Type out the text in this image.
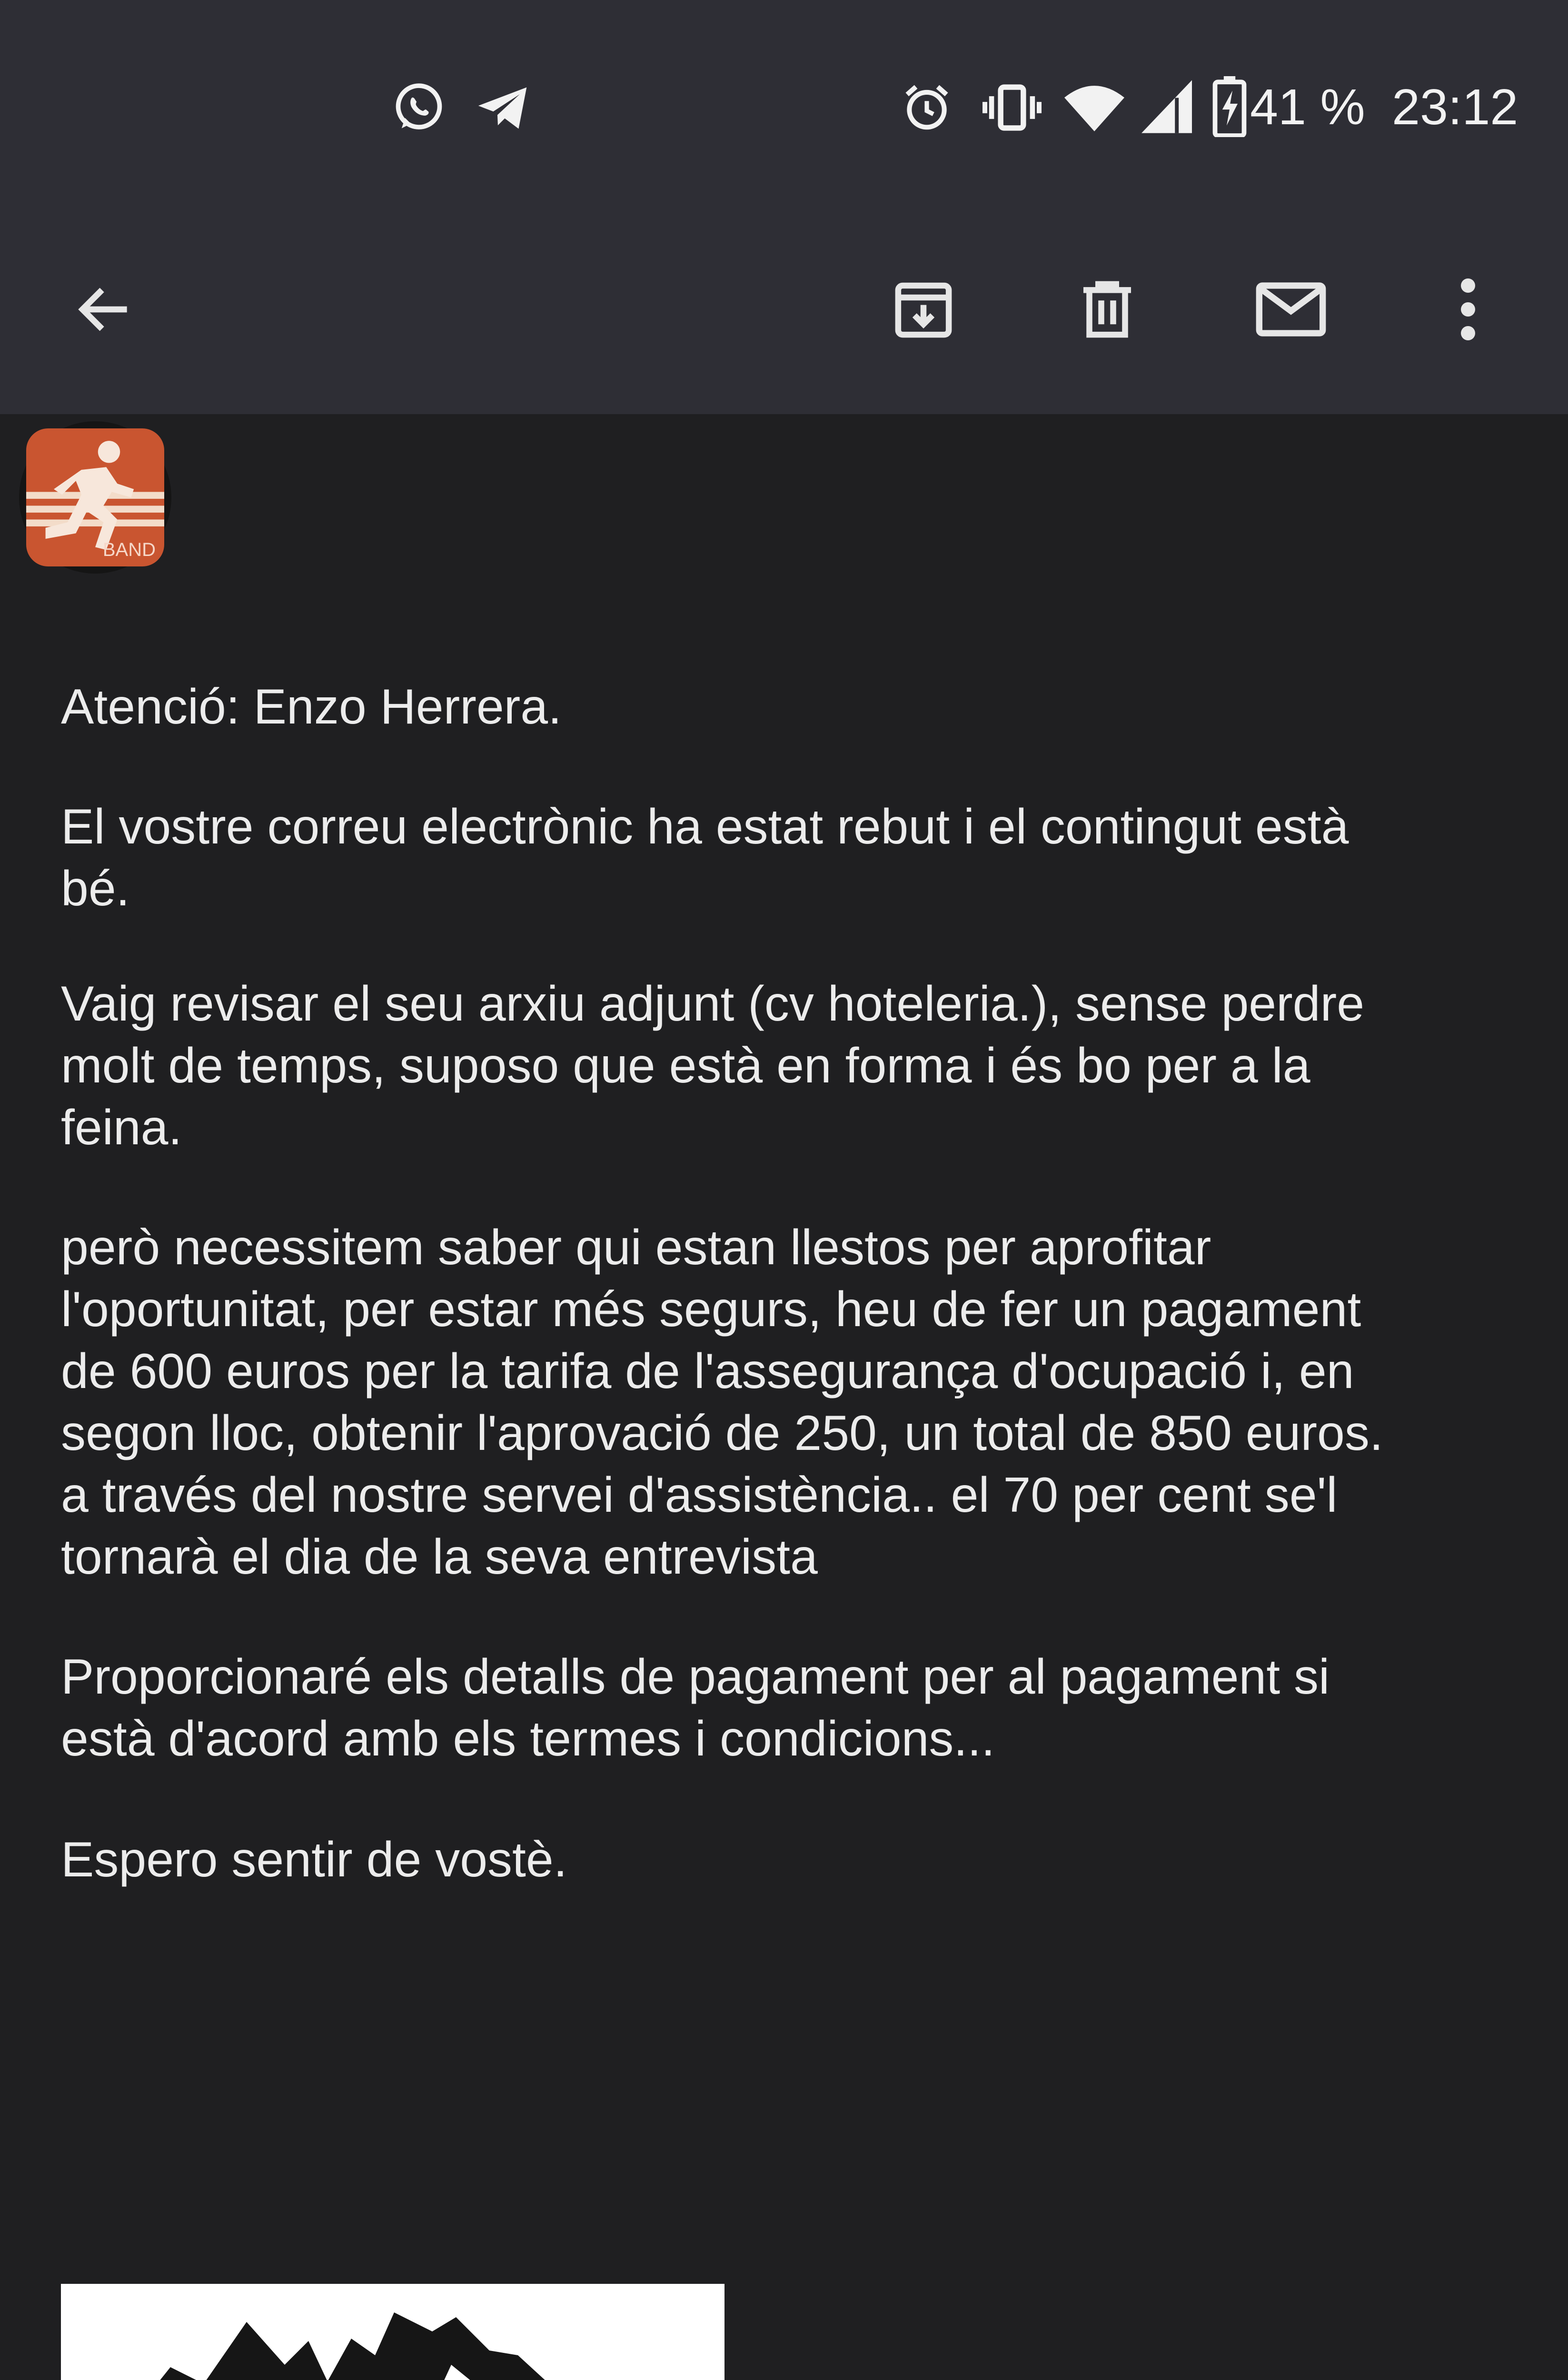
41 % 23:12
BAND
Atenció: Enzo Herrera.
El vostre correu electrònic ha estat rebut i el contingut està
bé.
Vaig revisar el seu arxiu adjunt (cv hoteleria.), sense perdre
molt de temps, suposo que està en forma i és bo per a la
feina.
però necessitem saber qui estan llestos per aprofitar
l'oportunitat, per estar més segurs, heu de fer un pagament
de 600 euros per la tarifa de l'assegurança d'ocupació i, en
segon lloc, obtenir l'aprovació de 250, un total de 850 euros.
a través del nostre servei d'assistència.. el 70 per cent se'l
tornarà el dia de la seva entrevista
Proporcionaré els detalls de pagament per al pagament si
està d'acord amb els termes i condicions...
Espero sentir de vostè.
